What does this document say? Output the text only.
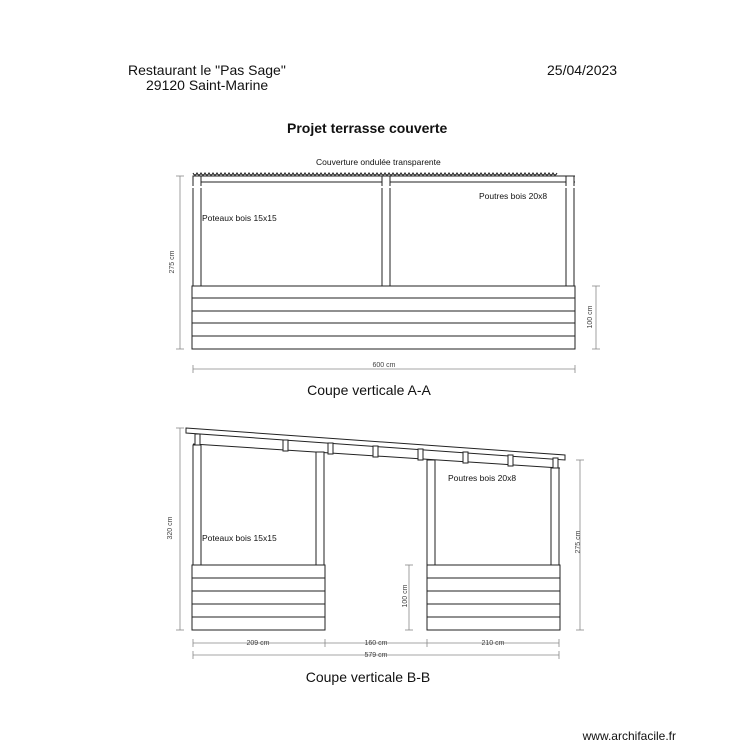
Restaurant le "Pas Sage"
29120 Saint-Marine
25/04/2023
Projet terrasse couverte
Couverture ondulée transparente
Poteaux bois 15x15
Poutres bois 20x8
275 cm
100 cm
600 cm
Coupe verticale A-A
Poteaux bois 15x15
Poutres bois 20x8
320 cm
275 cm
100 cm
209 cm	160 cm	210 cm
579 cm
Coupe verticale B-B
www.archifacile.fr
